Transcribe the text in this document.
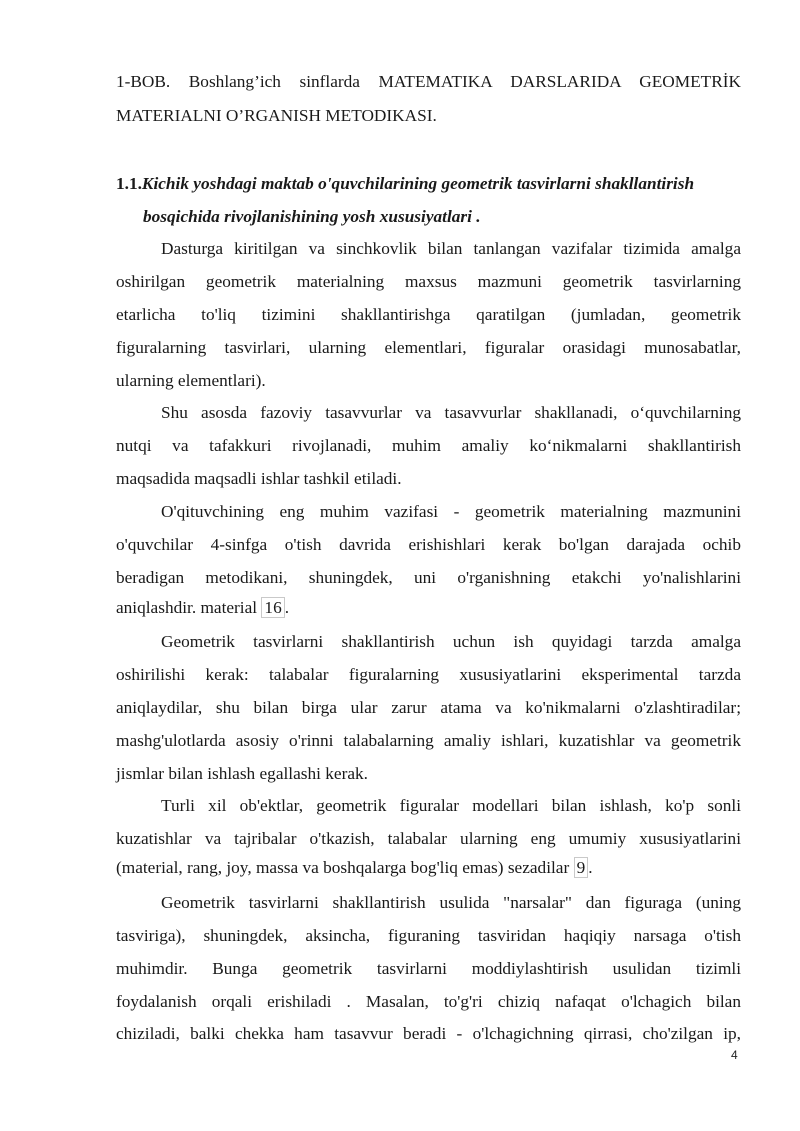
1-BOB. Boshlang’ich sinflarda MATEMATIKA DARSLARIDA GEOMETRİK
MATERIALNI O’RGANISH METODIKASI.
1.1.Kichik yoshdagi maktab o'quvchilarining geometrik tasvirlarni shakllantirish
bosqichida rivojlanishining yosh xususiyatlari .
Dasturga kiritilgan va sinchkovlik bilan tanlangan vazifalar tizimida amalga
oshirilgan geometrik materialning maxsus mazmuni geometrik tasvirlarning
etarlicha to'liq tizimini shakllantirishga qaratilgan (jumladan, geometrik
figuralarning tasvirlari, ularning elementlari, figuralar orasidagi munosabatlar,
ularning elementlari).
Shu asosda fazoviy tasavvurlar va tasavvurlar shakllanadi, o‘quvchilarning
nutqi va tafakkuri rivojlanadi, muhim amaliy ko‘nikmalarni shakllantirish
maqsadida maqsadli ishlar tashkil etiladi.
O'qituvchining eng muhim vazifasi - geometrik materialning mazmunini
o'quvchilar 4-sinfga o'tish davrida erishishlari kerak bo'lgan darajada ochib
beradigan metodikani, shuningdek, uni o'rganishning etakchi yo'nalishlarini
aniqlashdir. material 16 .
Geometrik tasvirlarni shakllantirish uchun ish quyidagi tarzda amalga
oshirilishi kerak: talabalar figuralarning xususiyatlarini eksperimental tarzda
aniqlaydilar, shu bilan birga ular zarur atama va ko'nikmalarni o'zlashtiradilar;
mashg'ulotlarda asosiy o'rinni talabalarning amaliy ishlari, kuzatishlar va geometrik
jismlar bilan ishlash egallashi kerak.
Turli xil ob'ektlar, geometrik figuralar modellari bilan ishlash, ko'p sonli
kuzatishlar va tajribalar o'tkazish, talabalar ularning eng umumiy xususiyatlarini
(material, rang, joy, massa va boshqalarga bog'liq emas) sezadilar 9 .
Geometrik tasvirlarni shakllantirish usulida "narsalar" dan figuraga (uning
tasviriga), shuningdek, aksincha, figuraning tasviridan haqiqiy narsaga o'tish
muhimdir. Bunga geometrik tasvirlarni moddiylashtirish usulidan tizimli
foydalanish orqali erishiladi . Masalan, to'g'ri chiziq nafaqat o'lchagich bilan
chiziladi, balki chekka ham tasavvur beradi - o'lchagichning qirrasi, cho'zilgan ip,
4
